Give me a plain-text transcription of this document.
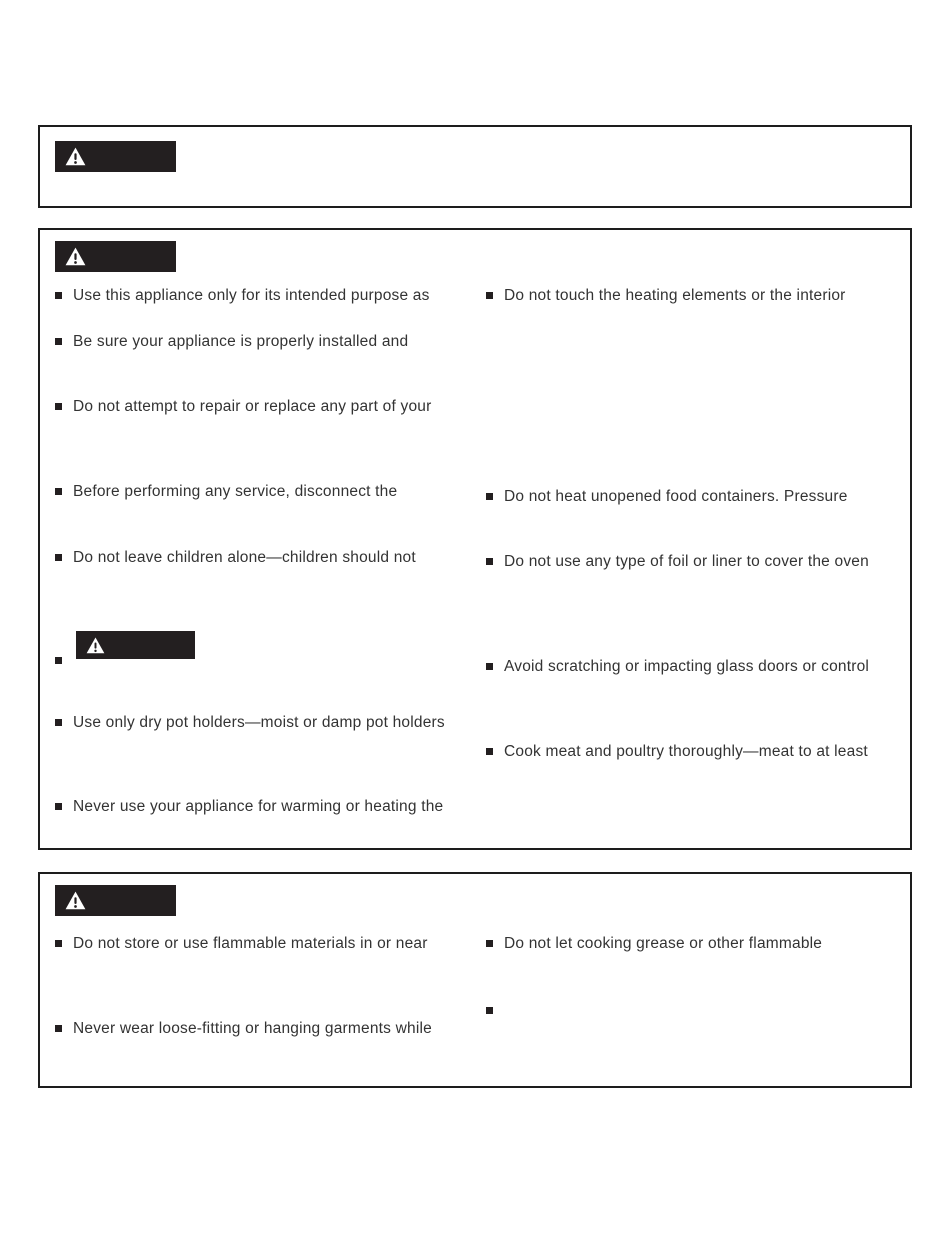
Use this appliance only for its intended purpose as
Be sure your appliance is properly installed and
Do not attempt to repair or replace any part of your
Before performing any service, disconnect the
Do not leave children alone—children should not
Use only dry pot holders—moist or damp pot holders
Never use your appliance for warming or heating the
Do not touch the heating elements or the interior
Do not heat unopened food containers. Pressure
Do not use any type of foil or liner to cover the oven
Avoid scratching or impacting glass doors or control
Cook meat and poultry thoroughly—meat to at least
Do not store or use flammable materials in or near
Never wear loose-fitting or hanging garments while
Do not let cooking grease or other flammable
